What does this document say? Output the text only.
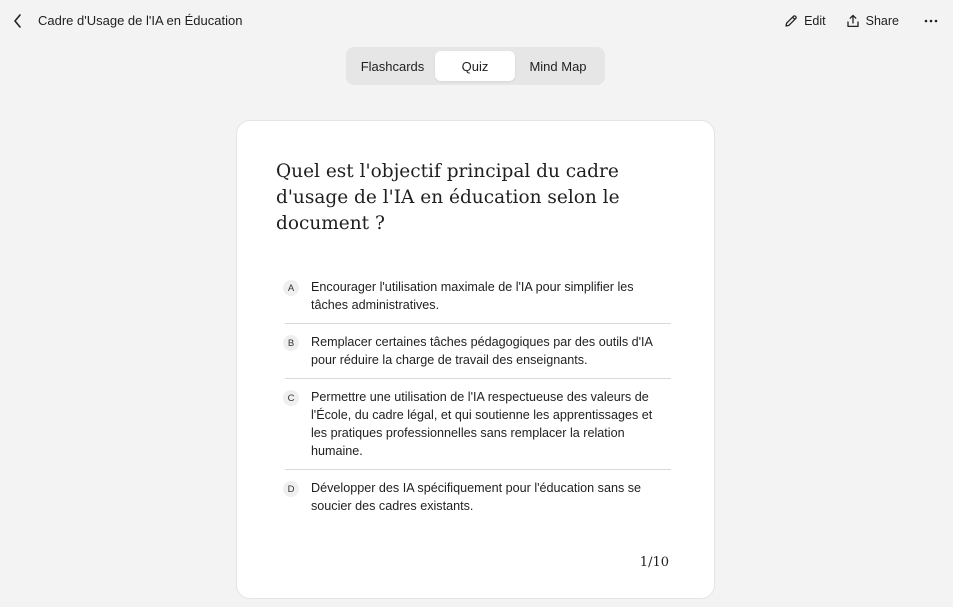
Cadre d'Usage de l'IA en Éducation	Edit	Share
Flashcards	Quiz	Mind Map
Quel est l'objectif principal du cadre d'usage de l'IA en éducation selon le document ?
A	Encourager l'utilisation maximale de l'IA pour simplifier les tâches administratives.
B	Remplacer certaines tâches pédagogiques par des outils d'IA pour réduire la charge de travail des enseignants.
C	Permettre une utilisation de l'IA respectueuse des valeurs de l'École, du cadre légal, et qui soutienne les apprentissages et les pratiques professionnelles sans remplacer la relation humaine.
D	Développer des IA spécifiquement pour l'éducation sans se soucier des cadres existants.
1/10
